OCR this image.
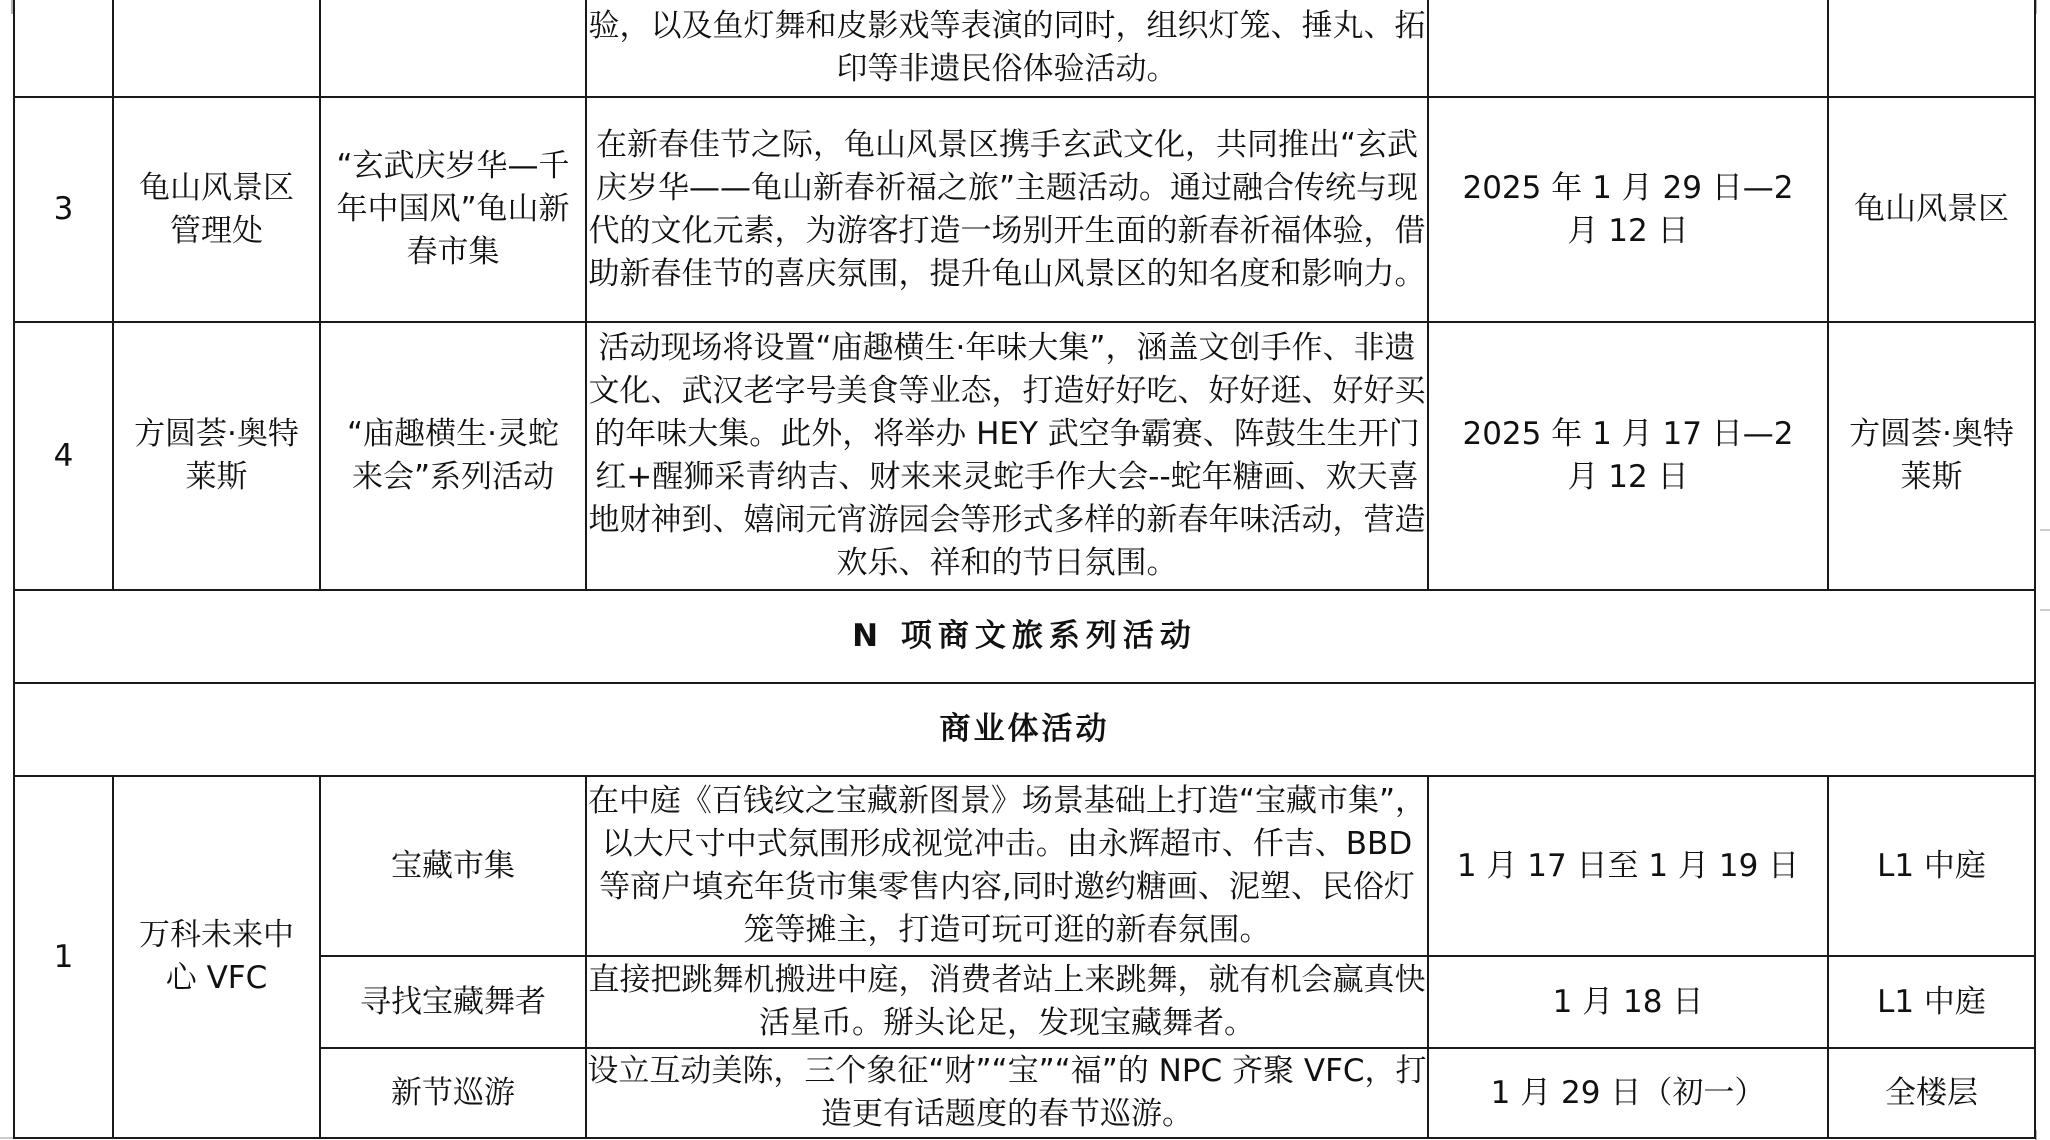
			验，以及鱼灯舞和皮影戏等表演的同时，组织灯笼、捶丸、拓印等非遗民俗体验活动。		
3	龟山风景区管理处	“玄武庆岁华—千年中国风”龟山新春市集	在新春佳节之际，龟山风景区携手玄武文化，共同推出“玄武庆岁华——龟山新春祈福之旅”主题活动。通过融合传统与现代的文化元素，为游客打造一场别开生面的新春祈福体验，借助新春佳节的喜庆氛围，提升龟山风景区的知名度和影响力。	2025 年 1 月 29 日—2 月 12 日	龟山风景区
4	方圆荟·奥特莱斯	“庙趣横生·灵蛇来会”系列活动	活动现场将设置“庙趣横生·年味大集”，涵盖文创手作、非遗文化、武汉老字号美食等业态，打造好好吃、好好逛、好好买的年味大集。此外，将举办 HEY 武空争霸赛、阵鼓生生开门红+醒狮采青纳吉、财来来灵蛇手作大会--蛇年糖画、欢天喜地财神到、嬉闹元宵游园会等形式多样的新春年味活动，营造欢乐、祥和的节日氛围。	2025 年 1 月 17 日—2 月 12 日	方圆荟·奥特莱斯
N 项商文旅系列活动					
商业体活动					
1	万科未来中心 VFC	宝藏市集	在中庭《百钱纹之宝藏新图景》场景基础上打造“宝藏市集”，以大尺寸中式氛围形成视觉冲击。由永辉超市、仟吉、BBD 等商户填充年货市集零售内容,同时邀约糖画、泥塑、民俗灯笼等摊主，打造可玩可逛的新春氛围。	1 月 17 日至 1 月 19 日	L1 中庭
		寻找宝藏舞者	直接把跳舞机搬进中庭，消费者站上来跳舞，就有机会赢真快活星币。掰头论足，发现宝藏舞者。	1 月 18 日	L1 中庭
		新节巡游	设立互动美陈，三个象征“财”“宝”“福”的 NPC 齐聚 VFC，打造更有话题度的春节巡游。	1 月 29 日（初一）	全楼层
